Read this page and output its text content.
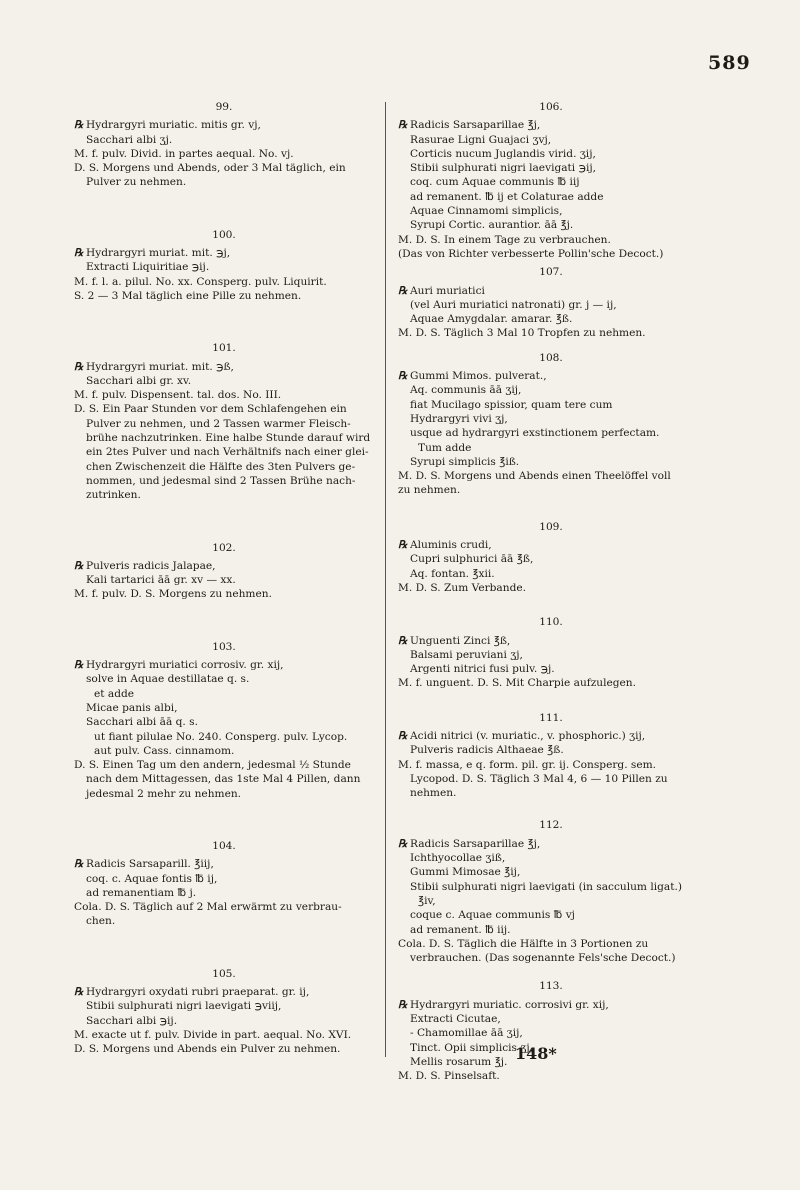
589
99.
℞ Hydrargyri muriatic. mitis gr. vj,
Sacchari albi ʒj.
M. f. pulv. Divid. in partes aequal. No. vj.
D. S. Morgens und Abends, oder 3 Mal täglich, ein
Pulver zu nehmen.
100.
℞ Hydrargyri muriat. mit. ℈j,
Extracti Liquiritiae ℈ij.
M. f. l. a. pilul. No. xx. Consperg. pulv. Liquirit.
S. 2 — 3 Mal täglich eine Pille zu nehmen.
101.
℞ Hydrargyri muriat. mit. ℈ß,
Sacchari albi gr. xv.
M. f. pulv. Dispensent. tal. dos. No. III.
D. S. Ein Paar Stunden vor dem Schlafengehen ein
Pulver zu nehmen, und 2 Tassen warmer Fleisch-
brühe nachzutrinken. Eine halbe Stunde darauf wird
ein 2tes Pulver und nach Verhältnifs nach einer glei-
chen Zwischenzeit die Hälfte des 3ten Pulvers ge-
nommen, und jedesmal sind 2 Tassen Brühe nach-
zutrinken.
102.
℞ Pulveris radicis Jalapae,
Kali tartarici āā gr. xv — xx.
M. f. pulv. D. S. Morgens zu nehmen.
103.
℞ Hydrargyri muriatici corrosiv. gr. xij,
solve in Aquae destillatae q. s.
et adde
Micae panis albi,
Sacchari albi āā q. s.
ut fiant pilulae No. 240. Consperg. pulv. Lycop.
aut pulv. Cass. cinnamom.
D. S. Einen Tag um den andern, jedesmal ½ Stunde
nach dem Mittagessen, das 1ste Mal 4 Pillen, dann
jedesmal 2 mehr zu nehmen.
104.
℞ Radicis Sarsaparill. ℥iij,
coq. c. Aquae fontis ℔ ij,
ad remanentiam ℔ j.
Cola. D. S. Täglich auf 2 Mal erwärmt zu verbrau-
chen.
105.
℞ Hydrargyri oxydati rubri praeparat. gr. ij,
Stibii sulphurati nigri laevigati ℈viij,
Sacchari albi ℈ij.
M. exacte ut f. pulv. Divide in part. aequal. No. XVI.
D. S. Morgens und Abends ein Pulver zu nehmen.
106.
℞ Radicis Sarsaparillae ℥j,
Rasurae Ligni Guajaci ʒvj,
Corticis nucum Juglandis virid. ʒij,
Stibii sulphurati nigri laevigati ℈ij,
coq. cum Aquae communis ℔ iij
ad remanent. ℔ ij et Colaturae adde
Aquae Cinnamomi simplicis,
Syrupi Cortic. aurantior. āā ℥j.
M. D. S. In einem Tage zu verbrauchen.
(Das von Richter verbesserte Pollin'sche Decoct.)
107.
℞ Auri muriatici
(vel Auri muriatici natronati) gr. j — ij,
Aquae Amygdalar. amarar. ℥ß.
M. D. S. Täglich 3 Mal 10 Tropfen zu nehmen.
108.
℞ Gummi Mimos. pulverat.,
Aq. communis āā ʒij,
fiat Mucilago spissior, quam tere cum
Hydrargyri vivi ʒj,
usque ad hydrargyri exstinctionem perfectam.
Tum adde
Syrupi simplicis ℥iß.
M. D. S. Morgens und Abends einen Theelöffel voll
zu nehmen.
109.
℞ Aluminis crudi,
Cupri sulphurici āā ℥ß,
Aq. fontan. ℥xii.
M. D. S. Zum Verbande.
110.
℞ Unguenti Zinci ℥ß,
Balsami peruviani ʒj,
Argenti nitrici fusi pulv. ℈j.
M. f. unguent. D. S. Mit Charpie aufzulegen.
111.
℞ Acidi nitrici (v. muriatic., v. phosphoric.) ʒij,
Pulveris radicis Althaeae ℥ß.
M. f. massa, e q. form. pil. gr. ij. Consperg. sem.
Lycopod. D. S. Täglich 3 Mal 4, 6 — 10 Pillen zu
nehmen.
112.
℞ Radicis Sarsaparillae ℥j,
Ichthyocollae ʒiß,
Gummi Mimosae ℥ij,
Stibii sulphurati nigri laevigati (in sacculum ligat.)
℥iv,
coque c. Aquae communis ℔ vj
ad remanent. ℔ iij.
Cola. D. S. Täglich die Hälfte in 3 Portionen zu
verbrauchen. (Das sogenannte Fels'sche Decoct.)
113.
℞ Hydrargyri muriatic. corrosivi gr. xij,
Extracti Cicutae,
- Chamomillae āā ʒij,
Tinct. Opii simplicis ʒj,
Mellis rosarum ℥j.
M. D. S. Pinselsaft.
148*
